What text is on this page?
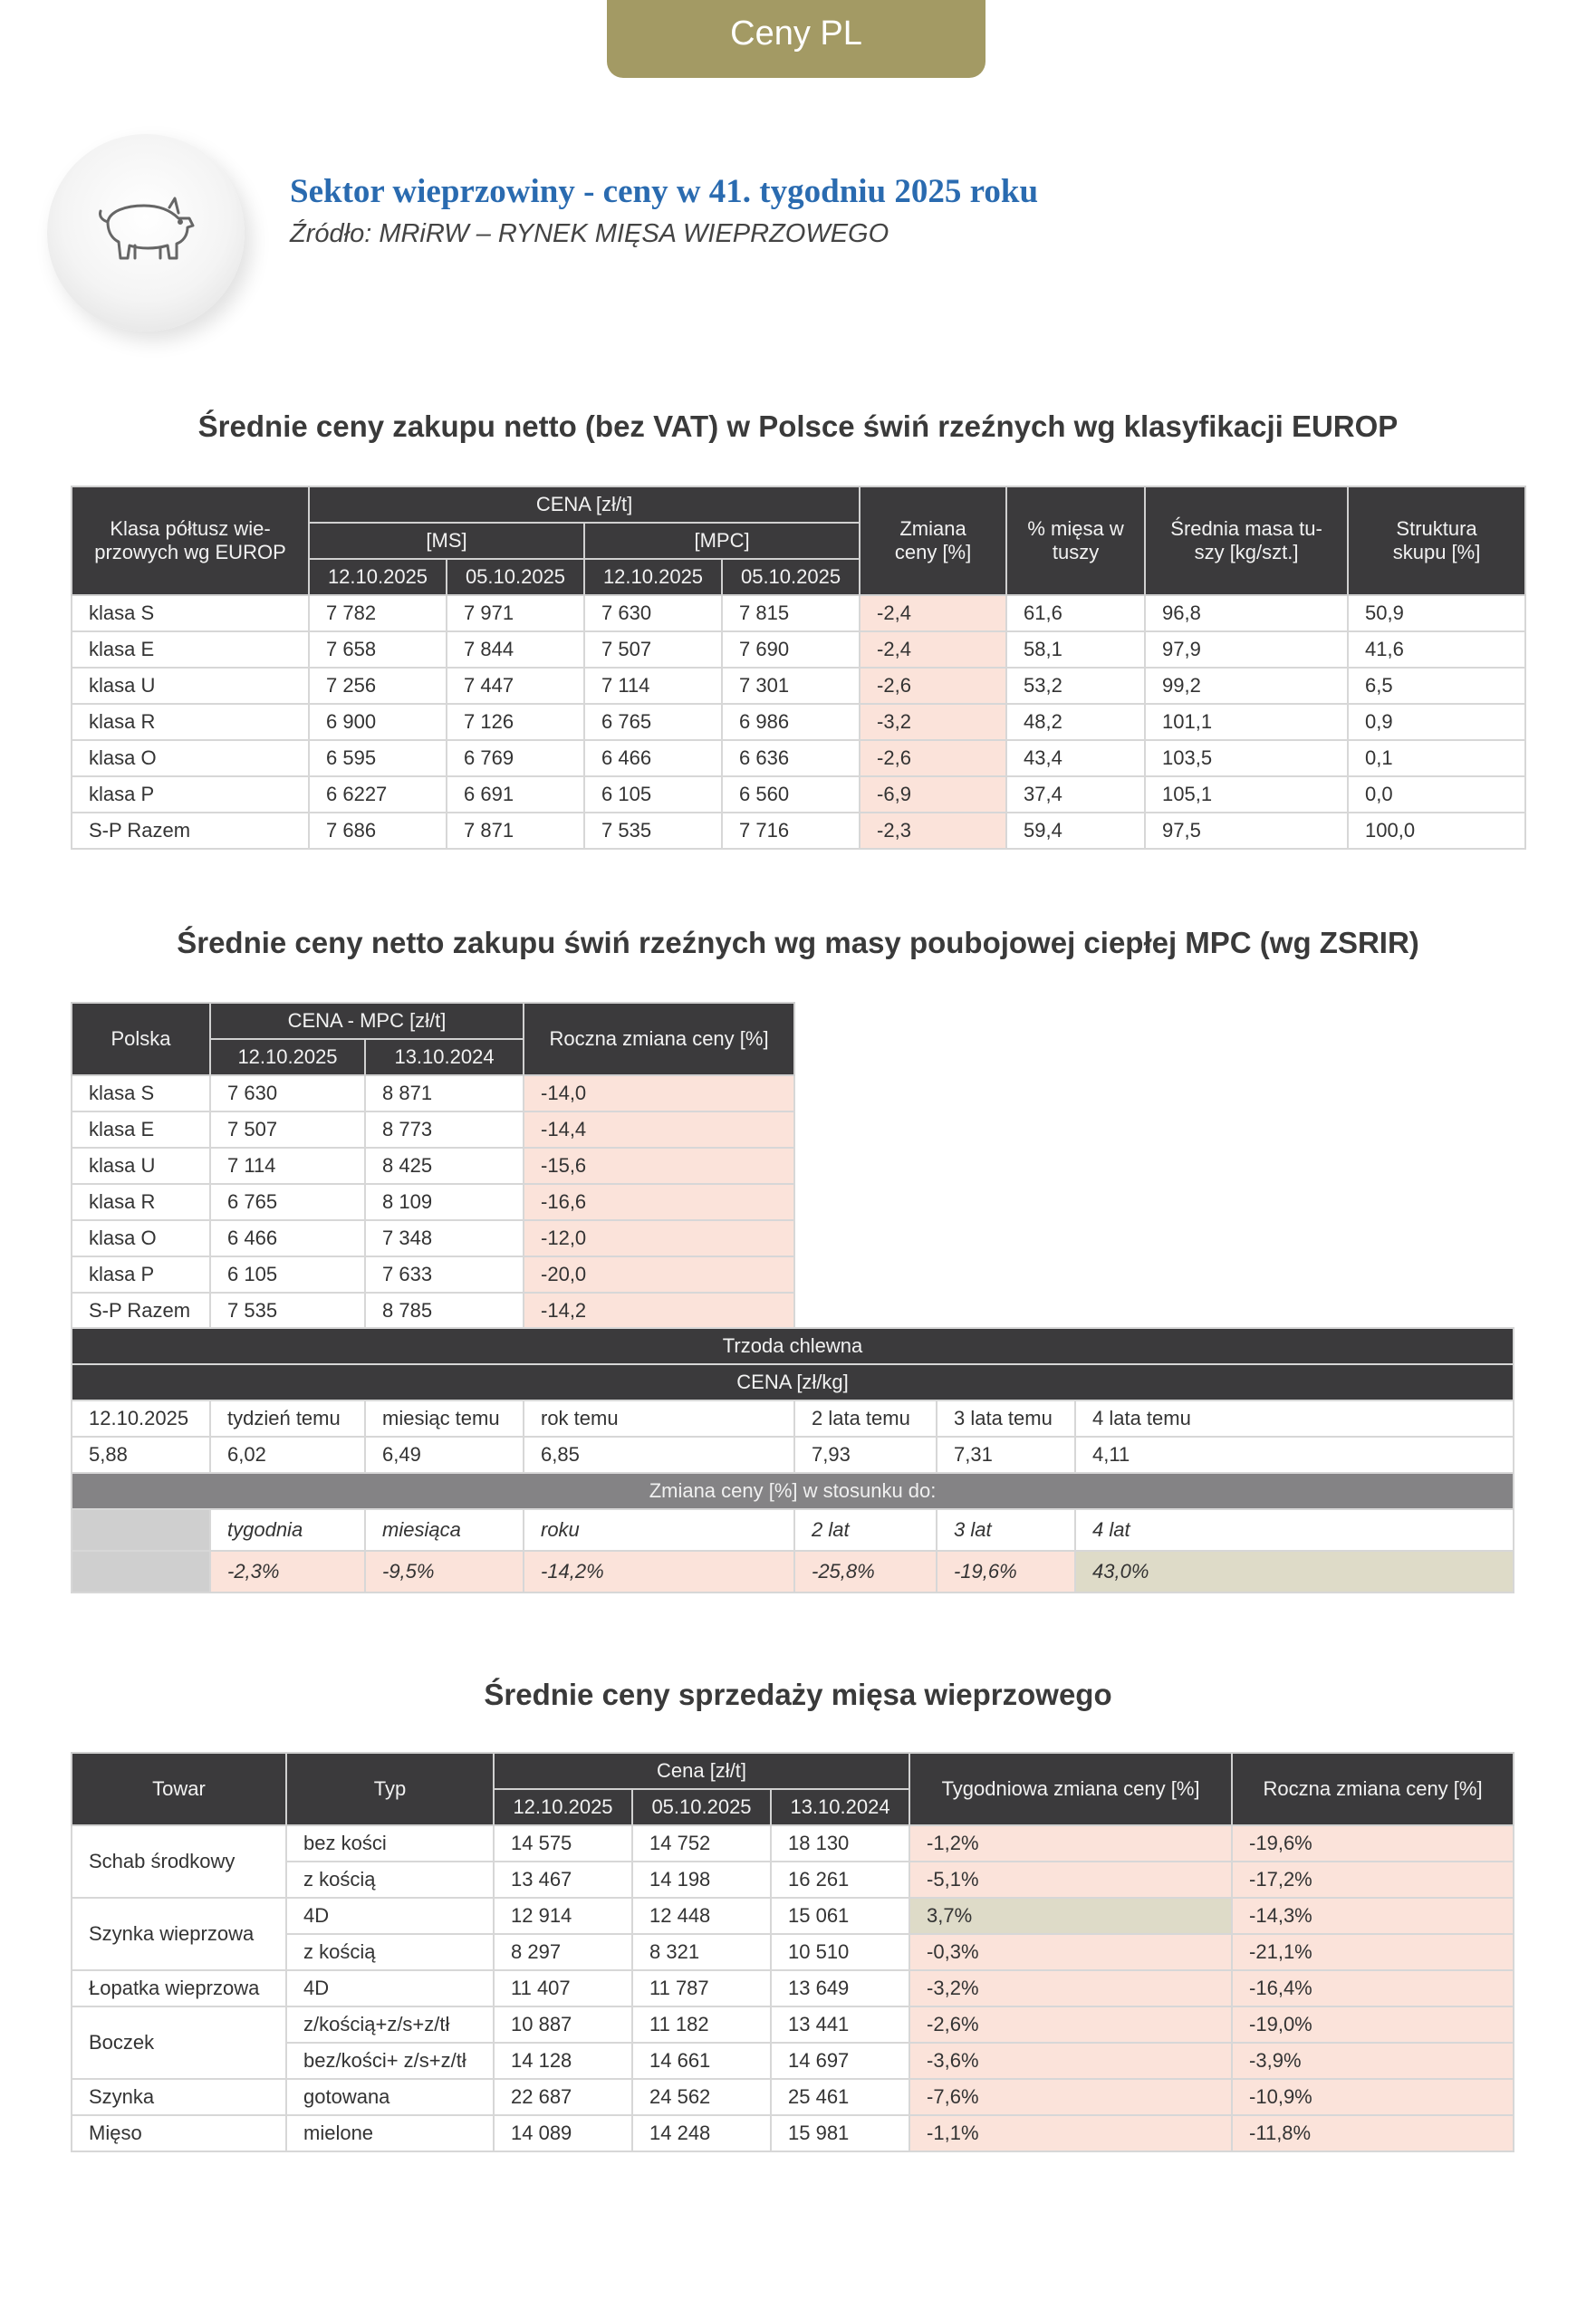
Ceny PL
Sektor wieprzowiny - ceny w 41. tygodniu 2025 roku
Źródło: MRiRW – RYNEK MIĘSA WIEPRZOWEGO
Średnie ceny zakupu netto (bez VAT) w Polsce świń rzeźnych wg klasyfikacji EUROP
Klasa półtusz wie-
przowych wg EUROP	CENA [zł/t]				Zmiana
ceny [%]	% mięsa w
tuszy	Średnia masa tu-
szy [kg/szt.]	Struktura
skupu [%]
	[MS]		[MPC]					
	12.10.2025	05.10.2025	12.10.2025	05.10.2025				
klasa S	7 782	7 971	7 630	7 815	-2,4	61,6	96,8	50,9
klasa E	7 658	7 844	7 507	7 690	-2,4	58,1	97,9	41,6
klasa U	7 256	7 447	7 114	7 301	-2,6	53,2	99,2	6,5
klasa R	6 900	7 126	6 765	6 986	-3,2	48,2	101,1	0,9
klasa O	6 595	6 769	6 466	6 636	-2,6	43,4	103,5	0,1
klasa P	6 6227	6 691	6 105	6 560	-6,9	37,4	105,1	0,0
S-P Razem	7 686	7 871	7 535	7 716	-2,3	59,4	97,5	100,0
Średnie ceny netto zakupu świń rzeźnych wg masy poubojowej ciepłej MPC (wg ZSRIR)
Polska	CENA - MPC [zł/t]		Roczna zmiana ceny [%]
	12.10.2025	13.10.2024	
klasa S	7 630	8 871	-14,0
klasa E	7 507	8 773	-14,4
klasa U	7 114	8 425	-15,6
klasa R	6 765	8 109	-16,6
klasa O	6 466	7 348	-12,0
klasa P	6 105	7 633	-20,0
S-P Razem	7 535	8 785	-14,2
Trzoda chlewna						
CENA [zł/kg]						
12.10.2025	tydzień temu	miesiąc temu	rok temu	2 lata temu	3 lata temu	4 lata temu
5,88	6,02	6,49	6,85	7,93	7,31	4,11
Zmiana ceny [%] w stosunku do:						
	tygodnia	miesiąca	roku	2 lat	3 lat	4 lat
	-2,3%	-9,5%	-14,2%	-25,8%	-19,6%	43,0%
Średnie ceny sprzedaży mięsa wieprzowego
Towar	Typ	Cena [zł/t]			Tygodniowa zmiana ceny [%]	Roczna zmiana ceny [%]
		12.10.2025	05.10.2025	13.10.2024		
Schab środkowy	bez kości	14 575	14 752	18 130	-1,2%	-19,6%
	z kością	13 467	14 198	16 261	-5,1%	-17,2%
Szynka wieprzowa	4D	12 914	12 448	15 061	3,7%	-14,3%
	z kością	8 297	8 321	10 510	-0,3%	-21,1%
Łopatka wieprzowa	4D	11 407	11 787	13 649	-3,2%	-16,4%
Boczek	z/kością+z/s+z/tł	10 887	11 182	13 441	-2,6%	-19,0%
	bez/kości+ z/s+z/tł	14 128	14 661	14 697	-3,6%	-3,9%
Szynka	gotowana	22 687	24 562	25 461	-7,6%	-10,9%
Mięso	mielone	14 089	14 248	15 981	-1,1%	-11,8%
